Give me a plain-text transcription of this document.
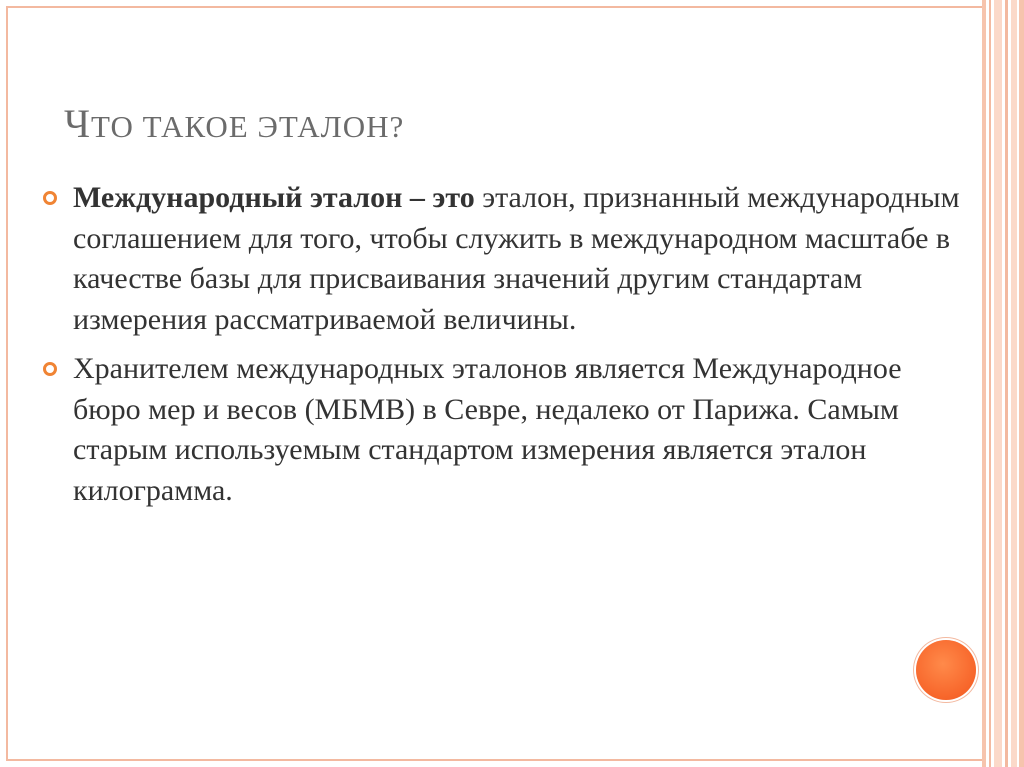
ЧТО ТАКОЕ ЭТАЛОН?
Международный эталон – это эталон, признанный международным соглашением для того, чтобы служить в международном масштабе в качестве базы для присваивания значений другим стандартам измерения рассматриваемой величины.
Хранителем международных эталонов является Международное бюро мер и весов (МБМВ) в Севре, недалеко от Парижа. Самым старым используемым стандартом измерения является эталон килограмма.
